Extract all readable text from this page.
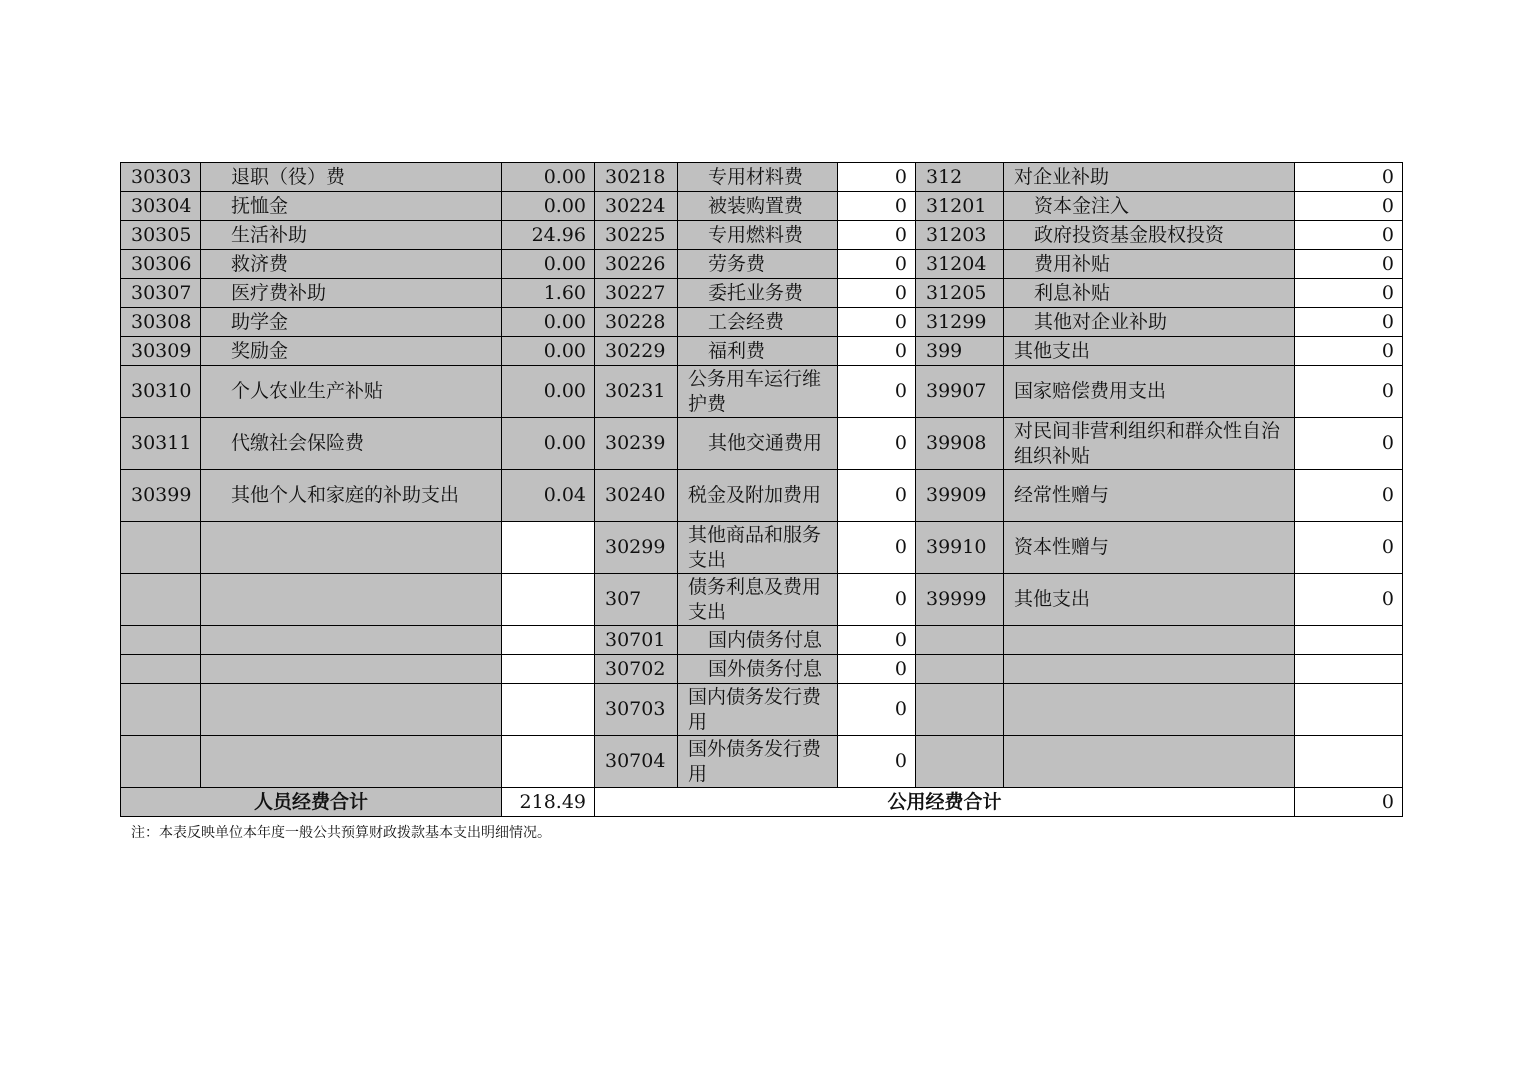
30303	退职（役）费	0.00	30218	专用材料费	0	312	对企业补助	0
30304	抚恤金	0.00	30224	被装购置费	0	31201	资本金注入	0
30305	生活补助	24.96	30225	专用燃料费	0	31203	政府投资基金股权投资	0
30306	救济费	0.00	30226	劳务费	0	31204	费用补贴	0
30307	医疗费补助	1.60	30227	委托业务费	0	31205	利息补贴	0
30308	助学金	0.00	30228	工会经费	0	31299	其他对企业补助	0
30309	奖励金	0.00	30229	福利费	0	399	其他支出	0
30310	个人农业生产补贴	0.00	30231	公务用车运行维护费	0	39907	国家赔偿费用支出	0
30311	代缴社会保险费	0.00	30239	其他交通费用	0	39908	对民间非营利组织和群众性自治组织补贴	0
30399	其他个人和家庭的补助支出	0.04	30240	税金及附加费用	0	39909	经常性赠与	0
			30299	其他商品和服务支出	0	39910	资本性赠与	0
			307	债务利息及费用支出	0	39999	其他支出	0
			30701	国内债务付息	0			
			30702	国外债务付息	0			
			30703	国内债务发行费用	0			
			30704	国外债务发行费用	0			
人员经费合计		218.49	公用经费合计					0
注：本表反映单位本年度一般公共预算财政拨款基本支出明细情况。
